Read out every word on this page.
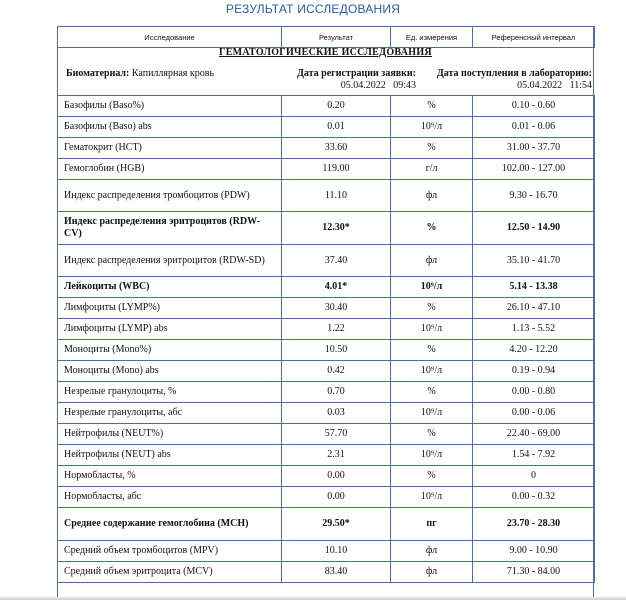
РЕЗУЛЬТАТ ИССЛЕДОВАНИЯ
Исследование	Результат	Ед. измерения	Референсный интервал
ГЕМАТОЛОГИЧЕСКИЕ ИССЛЕДОВАНИЯ
Биоматериал: Капиллярная кровь	Дата регистрации заявки:
05.04.2022   09:43
Дата поступления в лабораторию:
05.04.2022   11:54
Базофилы (Baso%)	0.20	%	0.10 - 0.60
Базофилы (Baso) abs	0.01	10⁹/л	0.01 - 0.06
Гематокрит (HCT)	33.60	%	31.00 - 37.70
Гемоглобин (HGB)	119.00	г/л	102.00 - 127.00
Индекс распределения тромбоцитов (PDW)	11.10	фл	9.30 - 16.70
Индекс распределения эритроцитов (RDW-CV)	12.30*	%	12.50 - 14.90
Индекс распределения эритроцитов (RDW-SD)	37.40	фл	35.10 - 41.70
Лейкоциты (WBC)	4.01*	10⁹/л	5.14 - 13.38
Лимфоциты (LYMP%)	30.40	%	26.10 - 47.10
Лимфоциты (LYMP) abs	1.22	10⁹/л	1.13 - 5.52
Моноциты (Mono%)	10.50	%	4.20 - 12.20
Моноциты (Mono) abs	0.42	10⁹/л	0.19 - 0.94
Незрелые гранулоциты, %	0.70	%	0.00 - 0.80
Незрелые гранулоциты, абс	0.03	10⁹/л	0.00 - 0.06
Нейтрофилы (NEUT%)	57.70	%	22.40 - 69.00
Нейтрофилы (NEUT) abs	2.31	10⁹/л	1.54 - 7.92
Нормобласты, %	0.00	%	0
Нормобласты, абс	0.00	10⁹/л	0.00 - 0.32
Среднее содержание гемоглобина (MCH)	29.50*	пг	23.70 - 28.30
Средний объем тромбоцитов (MPV)	10.10	фл	9.00 - 10.90
Средний объем эритроцита (MCV)	83.40	фл	71.30 - 84.00
